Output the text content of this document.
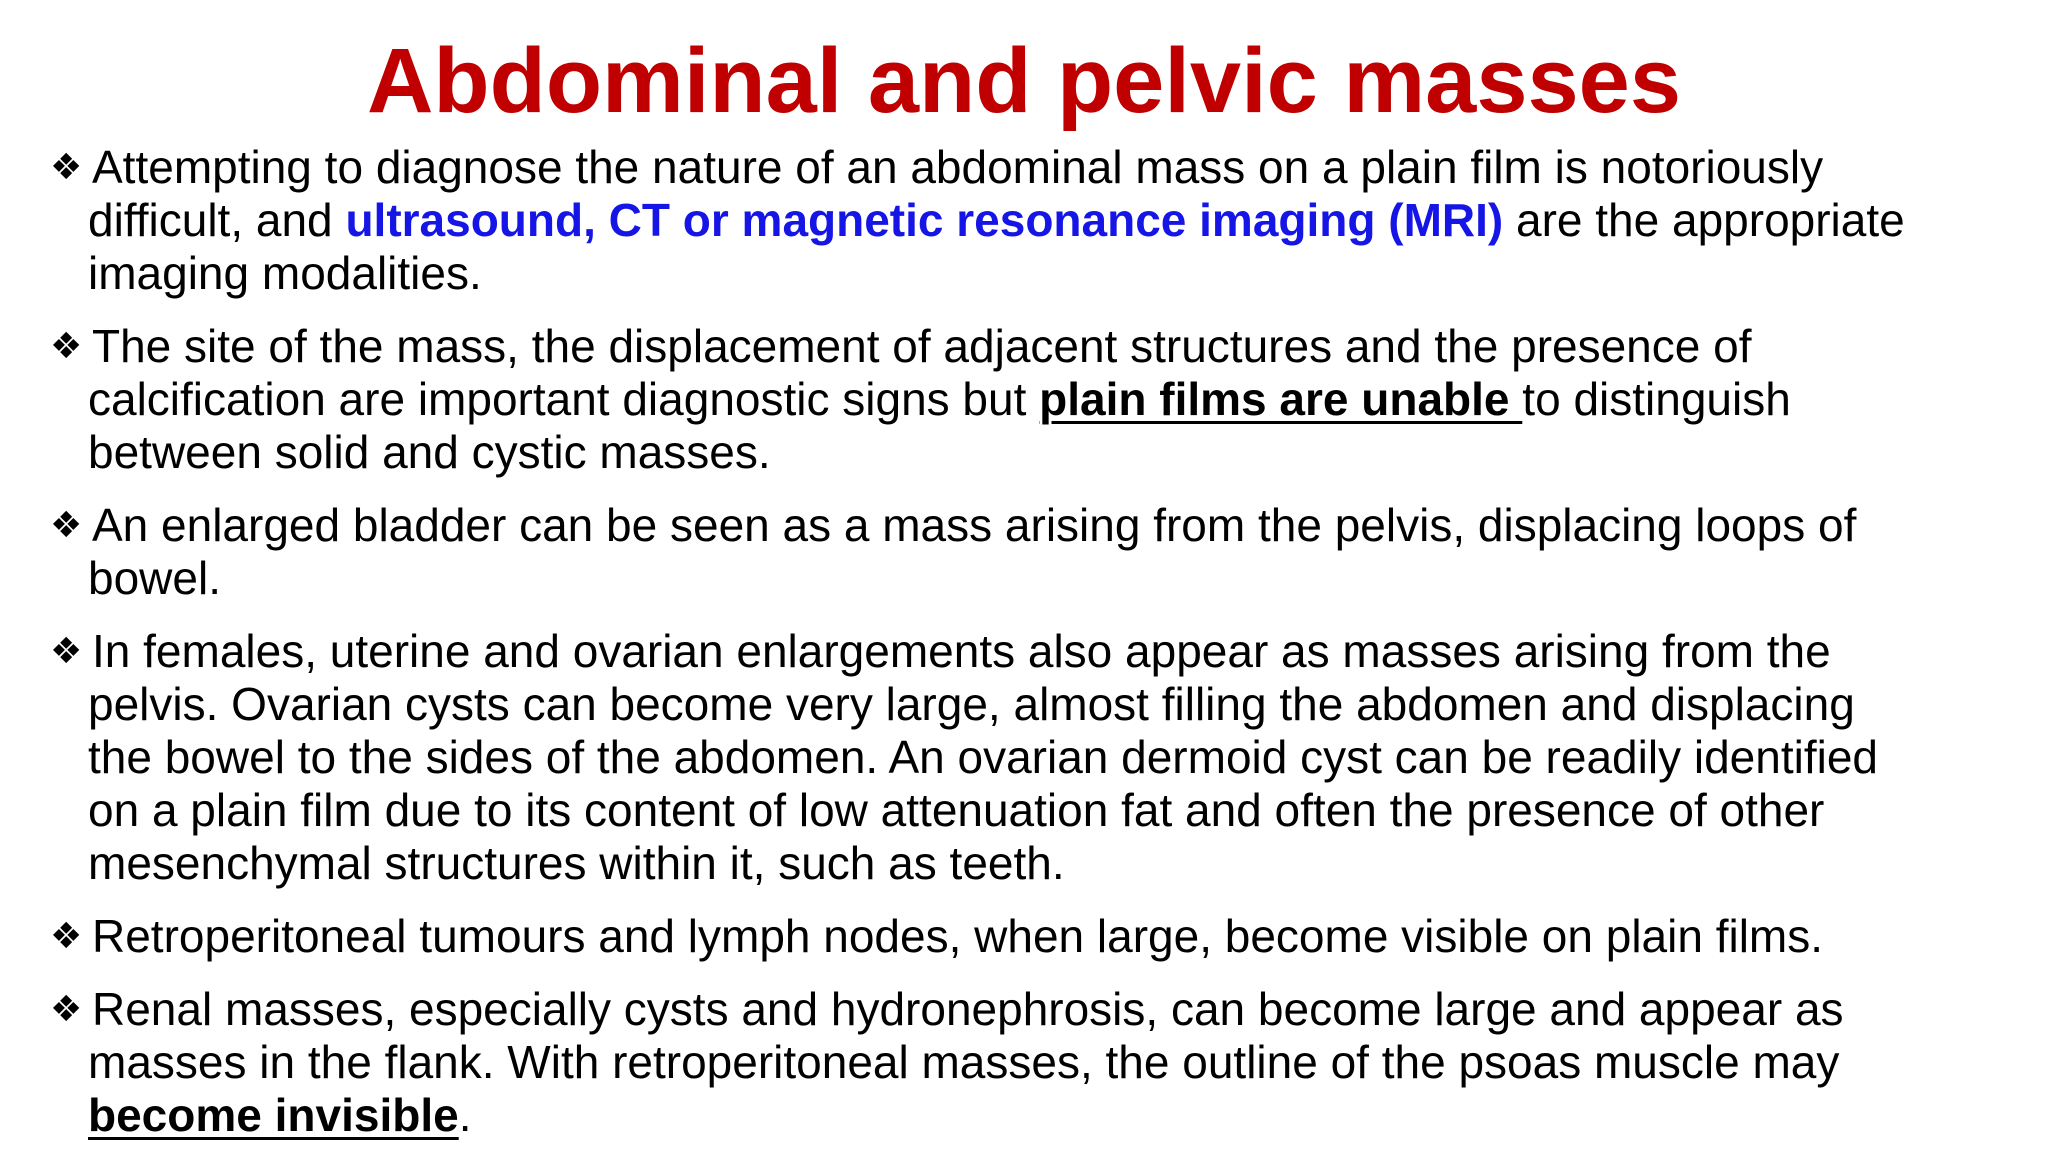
Abdominal and pelvic masses
❖ Attempting to diagnose the nature of an abdominal mass on a plain film is notoriously
difficult, and ultrasound, CT or magnetic resonance imaging (MRI) are the appropriate
imaging modalities.
❖ The site of the mass, the displacement of adjacent structures and the presence of
calcification are important diagnostic signs but plain films are unable to distinguish
between solid and cystic masses.
❖ An enlarged bladder can be seen as a mass arising from the pelvis, displacing loops of
bowel.
❖ In females, uterine and ovarian enlargements also appear as masses arising from the
pelvis. Ovarian cysts can become very large, almost filling the abdomen and displacing
the bowel to the sides of the abdomen. An ovarian dermoid cyst can be readily identified
on a plain film due to its content of low attenuation fat and often the presence of other
mesenchymal structures within it, such as teeth.
❖ Retroperitoneal tumours and lymph nodes, when large, become visible on plain films.
❖ Renal masses, especially cysts and hydronephrosis, can become large and appear as
masses in the flank. With retroperitoneal masses, the outline of the psoas muscle may
become invisible.
